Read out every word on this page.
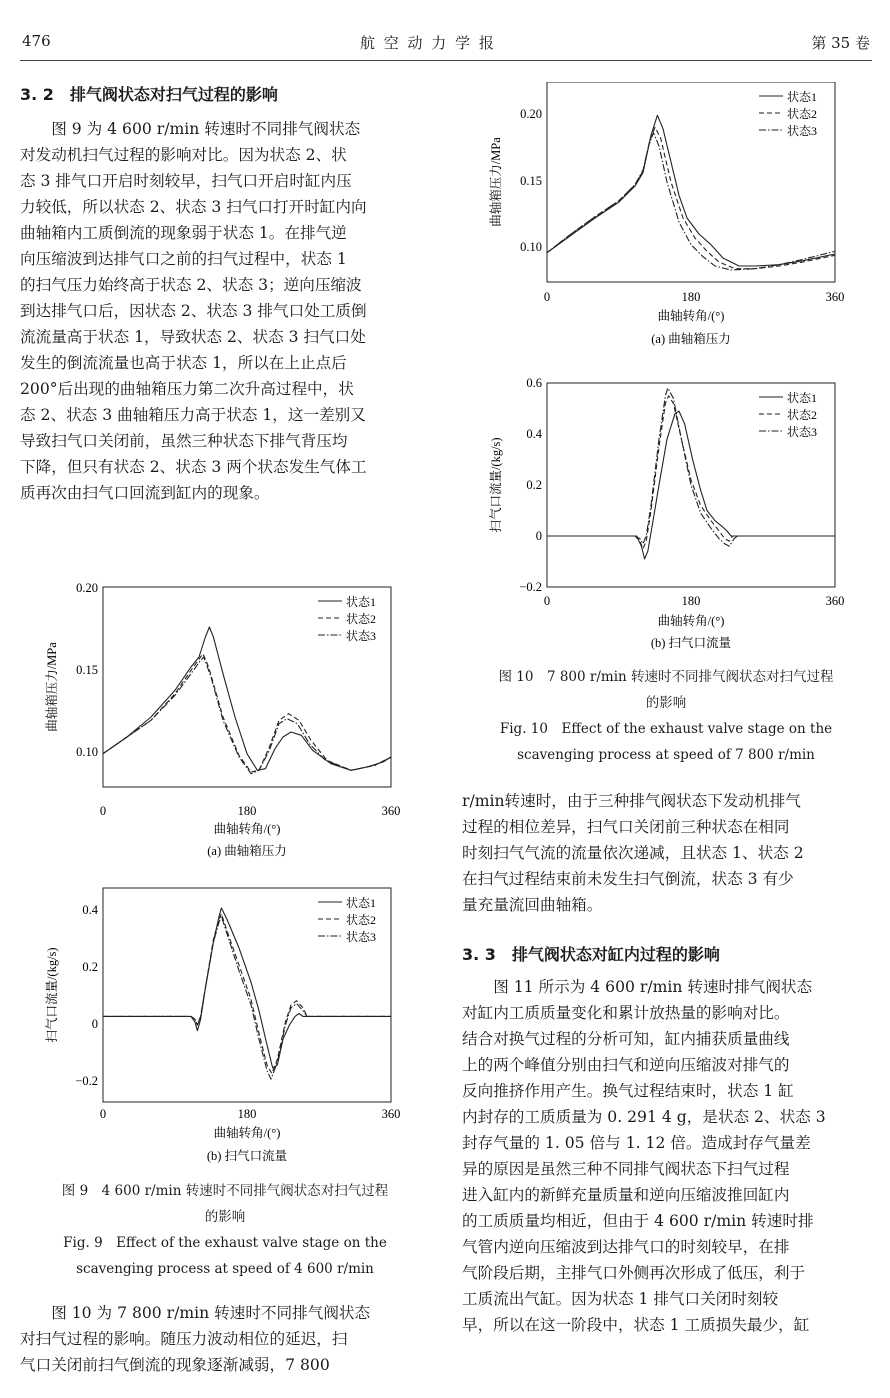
476	航 空 动 力 学 报	第 35 卷
3. 2 排气阀状态对扫气过程的影响
　　图 9 为 4 600 r/min 转速时不同排气阀状态
对发动机扫气过程的影响对比。因为状态 2、状
态 3 排气口开启时刻较早，扫气口开启时缸内压
力较低，所以状态 2、状态 3 扫气口打开时缸内向
曲轴箱内工质倒流的现象弱于状态 1。在排气逆
向压缩波到达排气口之前的扫气过程中，状态 1
的扫气压力始终高于状态 2、状态 3；逆向压缩波
到达排气口后，因状态 2、状态 3 排气口处工质倒
流流量高于状态 1，导致状态 2、状态 3 扫气口处
发生的倒流流量也高于状态 1，所以在上止点后
200°后出现的曲轴箱压力第二次升高过程中，状
态 2、状态 3 曲轴箱压力高于状态 1，这一差别又
导致扫气口关闭前，虽然三种状态下排气背压均
下降，但只有状态 2、状态 3 两个状态发生气体工
质再次由扫气口回流到缸内的现象。
状态1
状态2
状态3
0.20
0.15
0.10
0	180	360
曲轴转角/(°)
(a) 曲轴箱压力
曲轴箱压力/MPa
状态1
状态2
状态3
0.4
0.2
0
−0.2
0	180	360
曲轴转角/(°)
(b) 扫气口流量
扫气口流量/(kg/s)
图 9 4 600 r/min 转速时不同排气阀状态对扫气过程
的影响
Fig. 9 Effect of the exhaust valve stage on the
scavenging process at speed of 4 600 r/min
　　图 10 为 7 800 r/min 转速时不同排气阀状态
对扫气过程的影响。随压力波动相位的延迟，扫
气口关闭前扫气倒流的现象逐渐减弱，7 800
状态1
状态2
状态3
0.20
0.15
0.10
0	180	360
曲轴转角/(°)
(a) 曲轴箱压力
曲轴箱压力/MPa
状态1
状态2
状态3
0.6
0.4
0.2
0
−0.2
0	180	360
曲轴转角/(°)
(b) 扫气口流量
扫气口流量/(kg/s)
图 10 7 800 r/min 转速时不同排气阀状态对扫气过程
的影响
Fig. 10 Effect of the exhaust valve stage on the
scavenging process at speed of 7 800 r/min
r/min转速时，由于三种排气阀状态下发动机排气
过程的相位差异，扫气口关闭前三种状态在相同
时刻扫气气流的流量依次递减，且状态 1、状态 2
在扫气过程结束前未发生扫气倒流，状态 3 有少
量充量流回曲轴箱。
3. 3 排气阀状态对缸内过程的影响
　　图 11 所示为 4 600 r/min 转速时排气阀状态
对缸内工质质量变化和累计放热量的影响对比。
结合对换气过程的分析可知，缸内捕获质量曲线
上的两个峰值分别由扫气和逆向压缩波对排气的
反向推挤作用产生。换气过程结束时，状态 1 缸
内封存的工质质量为 0. 291 4 g，是状态 2、状态 3
封存气量的 1. 05 倍与 1. 12 倍。造成封存气量差
异的原因是虽然三种不同排气阀状态下扫气过程
进入缸内的新鲜充量质量和逆向压缩波推回缸内
的工质质量均相近，但由于 4 600 r/min 转速时排
气管内逆向压缩波到达排气口的时刻较早，在排
气阶段后期，主排气口外侧再次形成了低压，利于
工质流出气缸。因为状态 1 排气口关闭时刻较
早，所以在这一阶段中，状态 1 工质损失最少，缸
